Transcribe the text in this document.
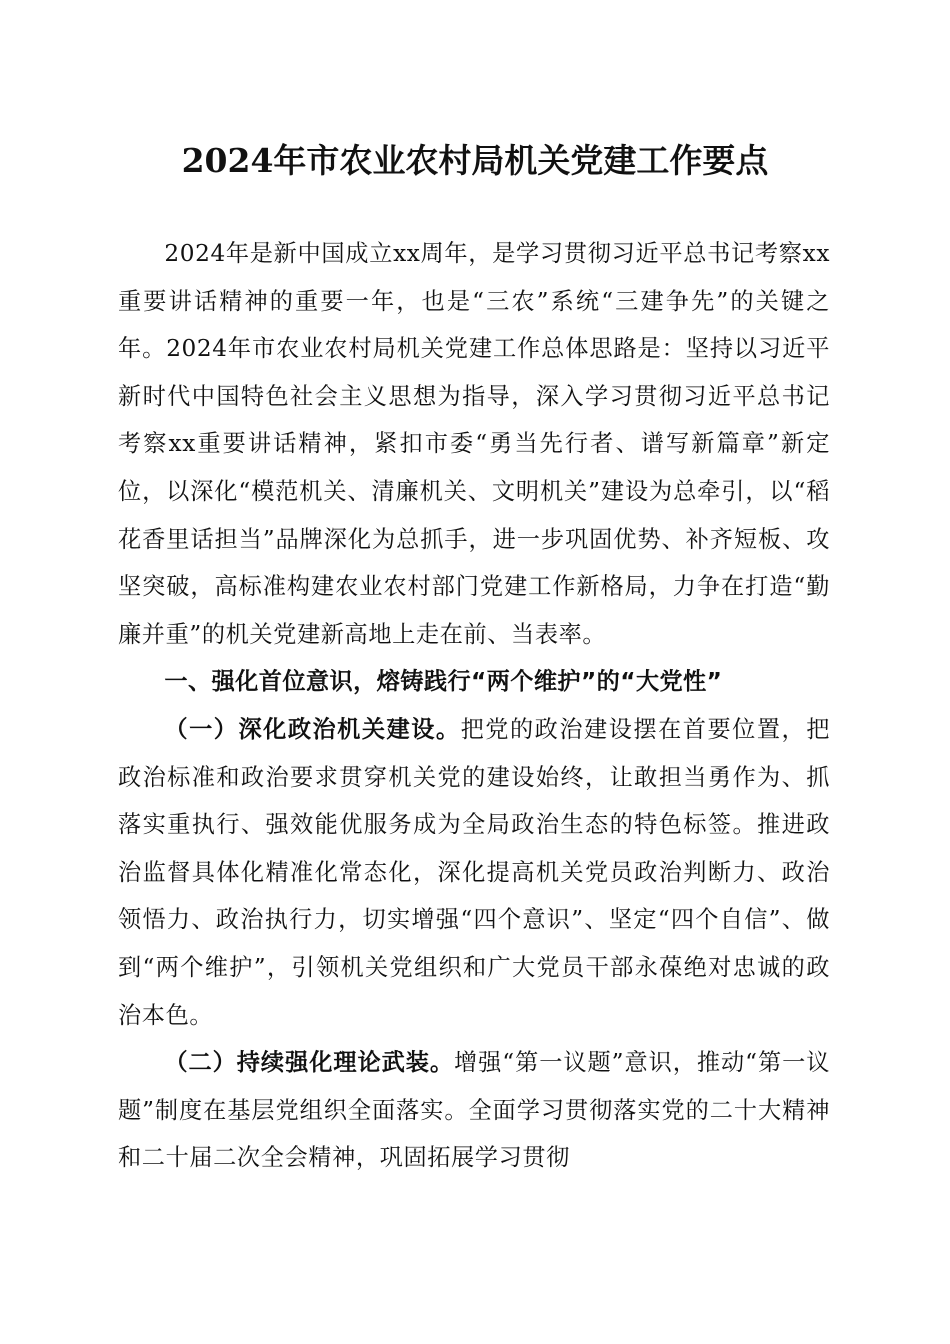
2024年市农业农村局机关党建工作要点

2024年是新中国成立xx周年，是学习贯彻习近平总书记考察xx重要讲话精神的重要一年，也是“三农”系统“三建争先”的关键之年。2024年市农业农村局机关党建工作总体思路是：坚持以习近平新时代中国特色社会主义思想为指导，深入学习贯彻习近平总书记考察xx重要讲话精神，紧扣市委“勇当先行者、谱写新篇章”新定位，以深化“模范机关、清廉机关、文明机关”建设为总牵引，以“稻花香里话担当”品牌深化为总抓手，进一步巩固优势、补齐短板、攻坚突破，高标准构建农业农村部门党建工作新格局，力争在打造“勤廉并重”的机关党建新高地上走在前、当表率。

一、强化首位意识，熔铸践行“两个维护”的“大党性”

（一）深化政治机关建设。把党的政治建设摆在首要位置，把政治标准和政治要求贯穿机关党的建设始终，让敢担当勇作为、抓落实重执行、强效能优服务成为全局政治生态的特色标签。推进政治监督具体化精准化常态化，深化提高机关党员政治判断力、政治领悟力、政治执行力，切实增强“四个意识”、坚定“四个自信”、做到“两个维护”，引领机关党组织和广大党员干部永葆绝对忠诚的政治本色。

（二）持续强化理论武装。增强“第一议题”意识，推动“第一议题”制度在基层党组织全面落实。全面学习贯彻落实党的二十大精神和二十届二次全会精神，巩固拓展学习贯彻
